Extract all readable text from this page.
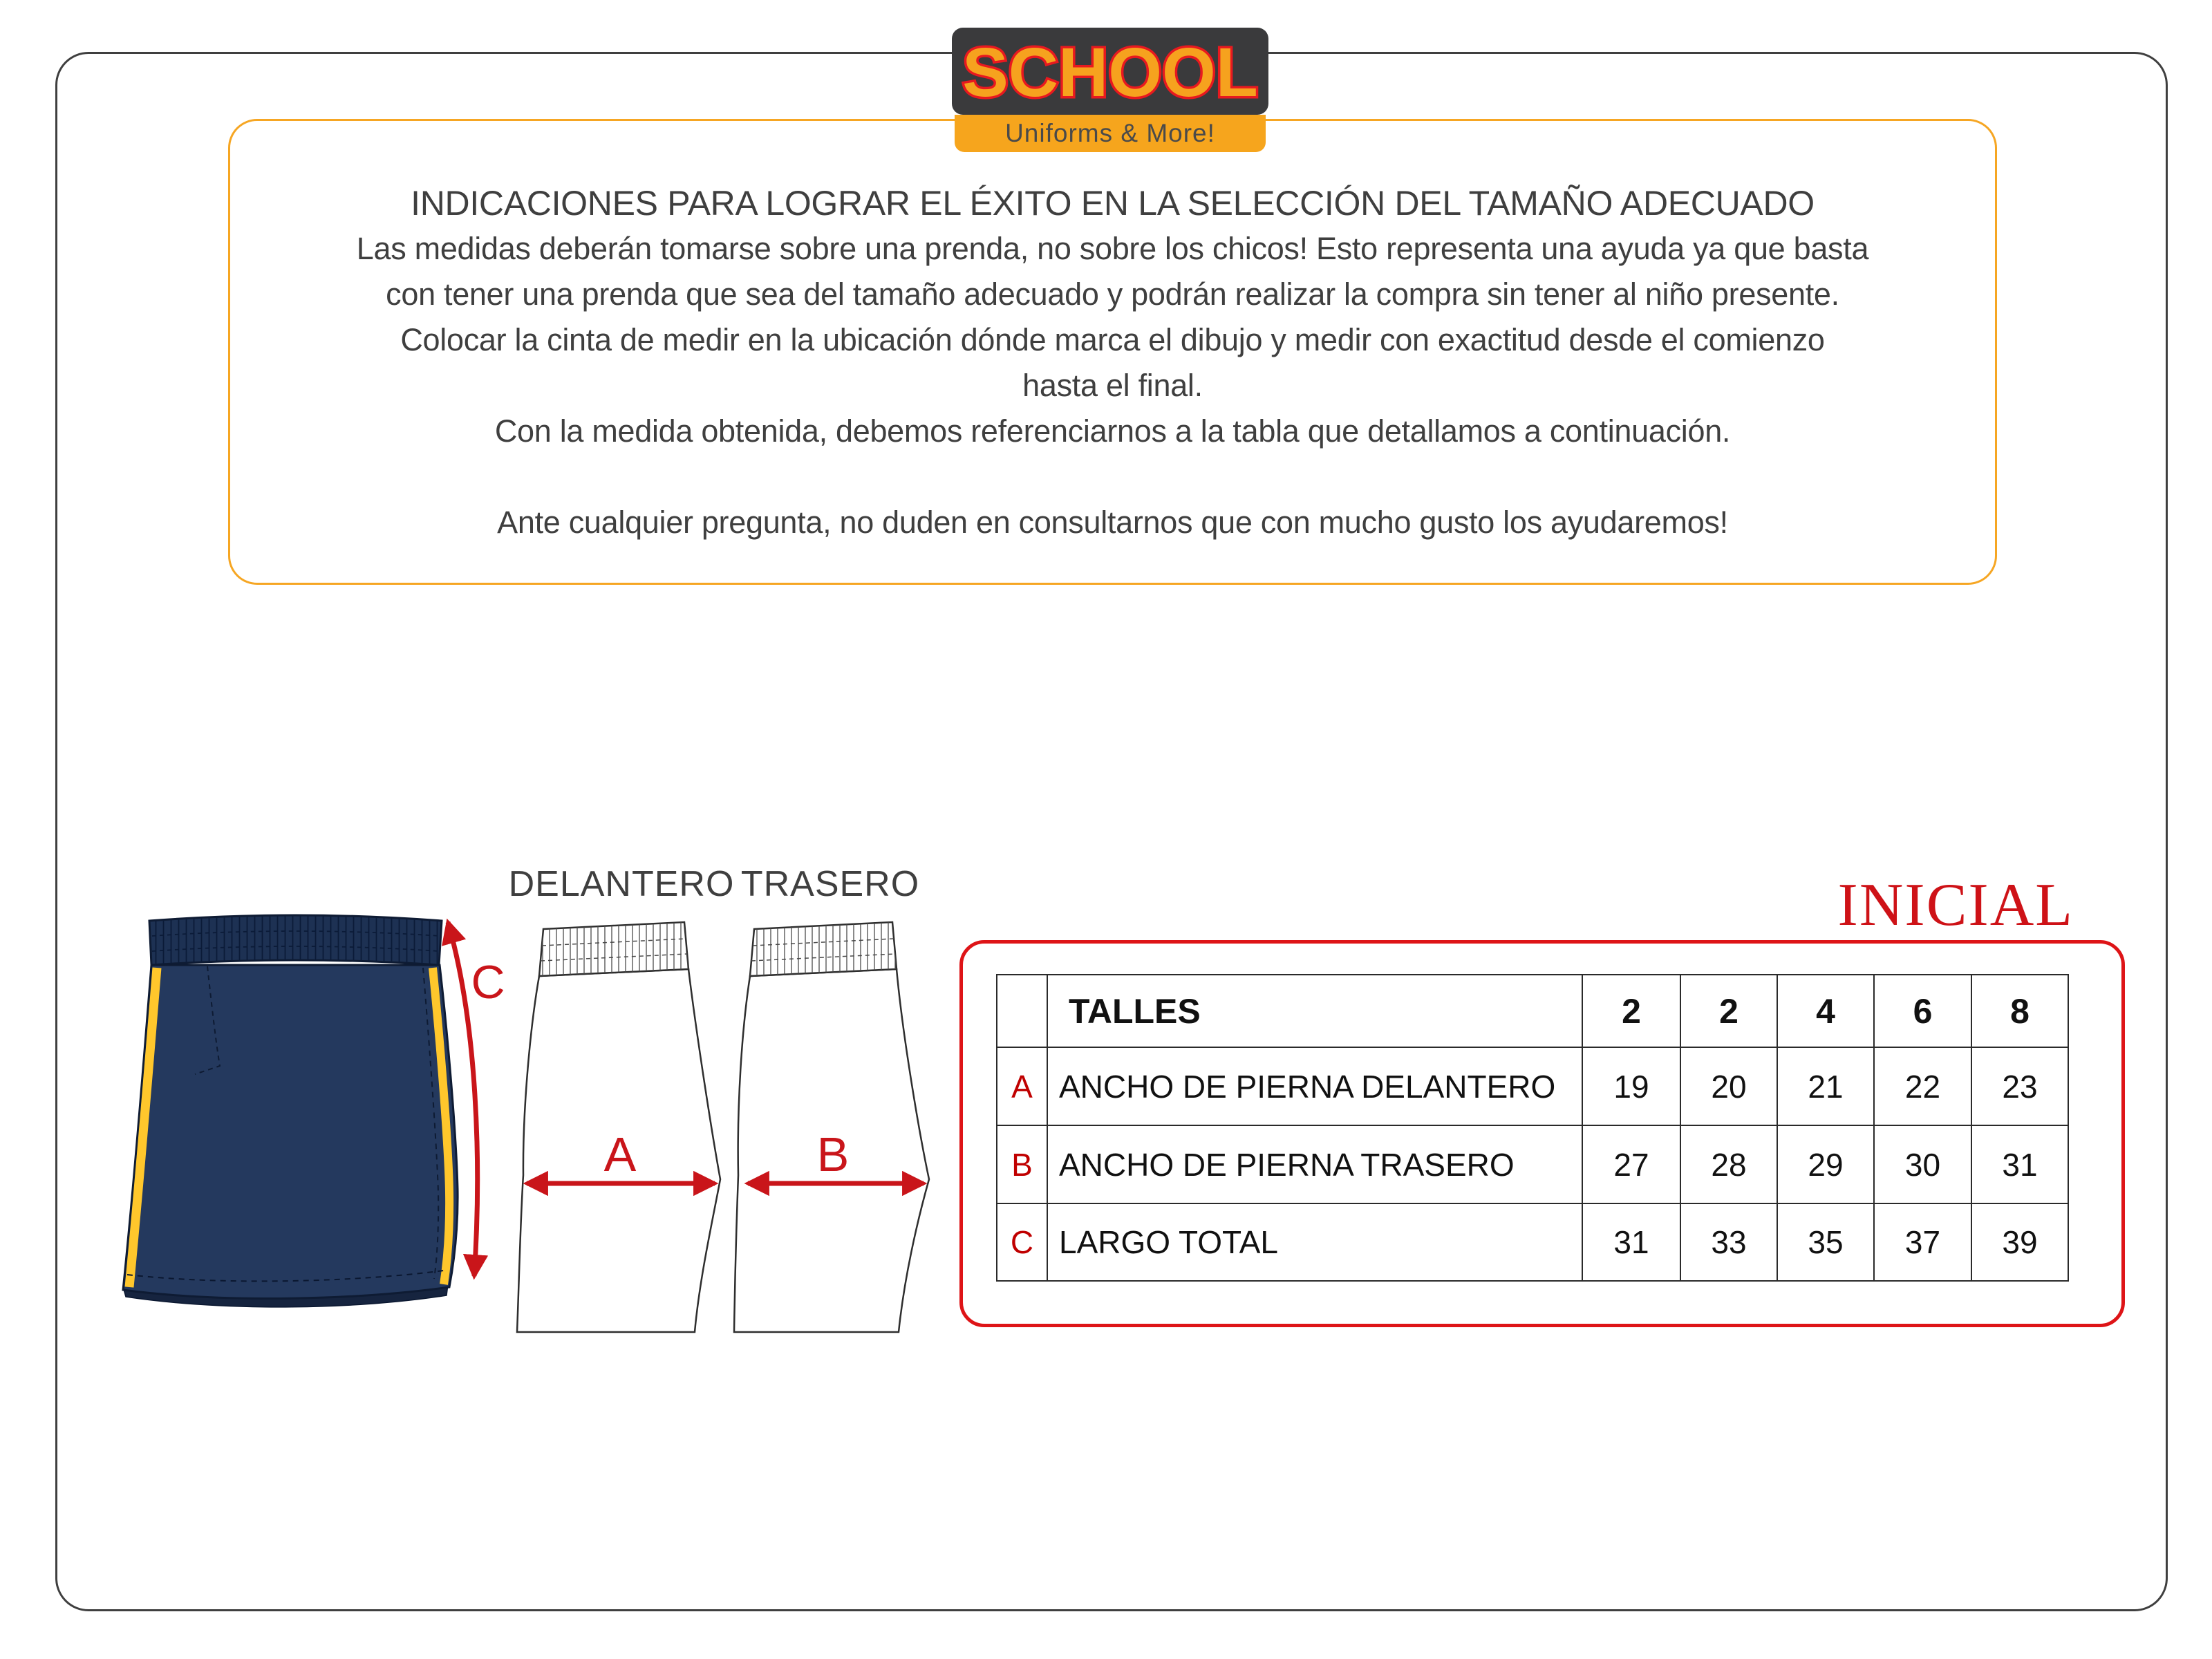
SCHOOL
Uniforms & More!
INDICACIONES PARA LOGRAR EL ÉXITO EN LA SELECCIÓN DEL TAMAÑO ADECUADO
Las medidas deberán tomarse sobre una prenda, no sobre los chicos! Esto representa una ayuda ya que basta
con tener una prenda que sea del tamaño adecuado y podrán realizar la compra sin tener al niño presente.
Colocar la cinta de medir en la ubicación dónde marca el dibujo y medir con exactitud desde el comienzo
hasta el final.
Con la medida obtenida, debemos referenciarnos a la tabla que detallamos a continuación.
Ante cualquier pregunta, no duden en consultarnos que con mucho gusto los ayudaremos!
C
DELANTERO
A
TRASERO
B
INICIAL
	TALLES	2	2	4	6	8
A	ANCHO DE PIERNA DELANTERO	19	20	21	22	23
B	ANCHO DE PIERNA TRASERO	27	28	29	30	31
C	LARGO TOTAL	31	33	35	37	39
